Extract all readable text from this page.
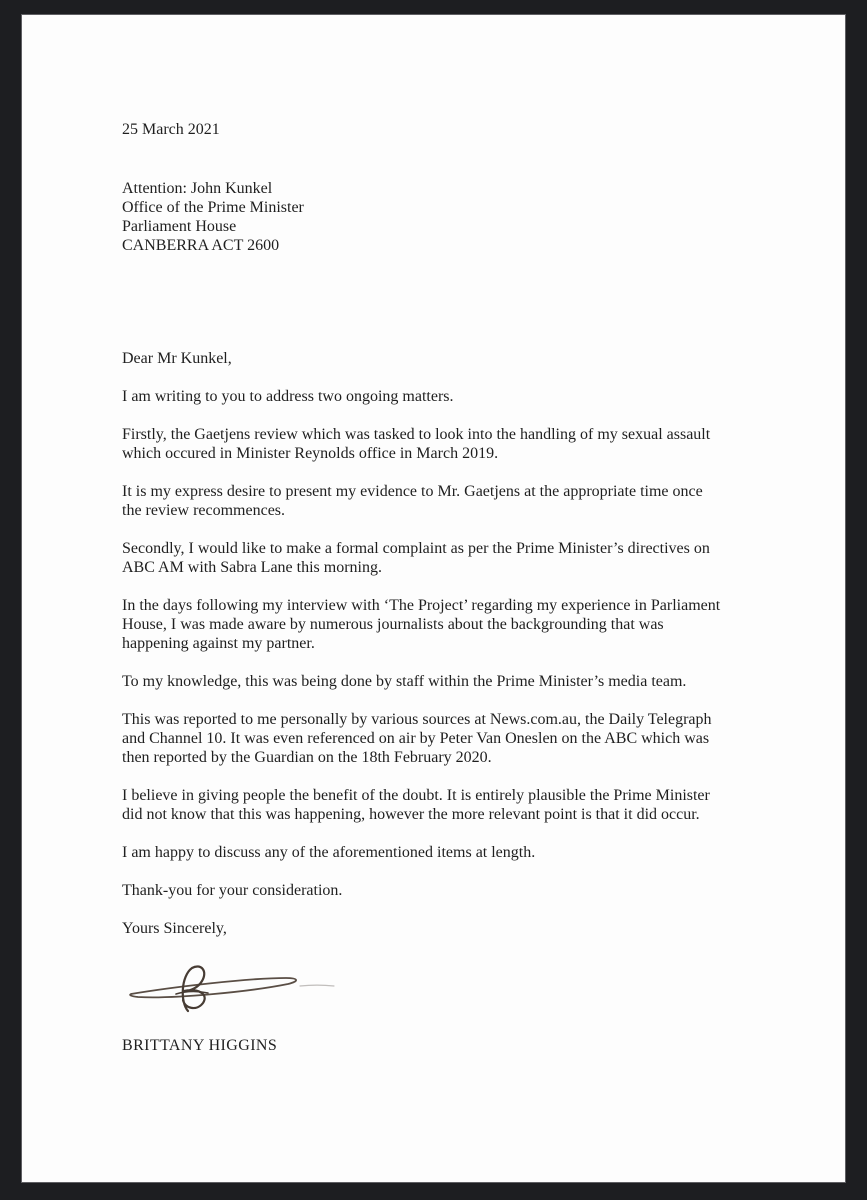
25 March 2021
Attention: John Kunkel
Office of the Prime Minister
Parliament House
CANBERRA ACT 2600

Dear Mr Kunkel,

I am writing to you to address two ongoing matters.

Firstly, the Gaetjens review which was tasked to look into the handling of my sexual assault
which occured in Minister Reynolds office in March 2019.

It is my express desire to present my evidence to Mr. Gaetjens at the appropriate time once
the review recommences.

Secondly, I would like to make a formal complaint as per the Prime Minister’s directives on
ABC AM with Sabra Lane this morning.

In the days following my interview with ‘The Project’ regarding my experience in Parliament
House, I was made aware by numerous journalists about the backgrounding that was
happening against my partner.

To my knowledge, this was being done by staff within the Prime Minister’s media team.

This was reported to me personally by various sources at News.com.au, the Daily Telegraph
and Channel 10. It was even referenced on air by Peter Van Oneslen on the ABC which was
then reported by the Guardian on the 18th February 2020.

I believe in giving people the benefit of the doubt. It is entirely plausible the Prime Minister
did not know that this was happening, however the more relevant point is that it did occur.

I am happy to discuss any of the aforementioned items at length.

Thank-you for your consideration.

Yours Sincerely,

BRITTANY HIGGINS
